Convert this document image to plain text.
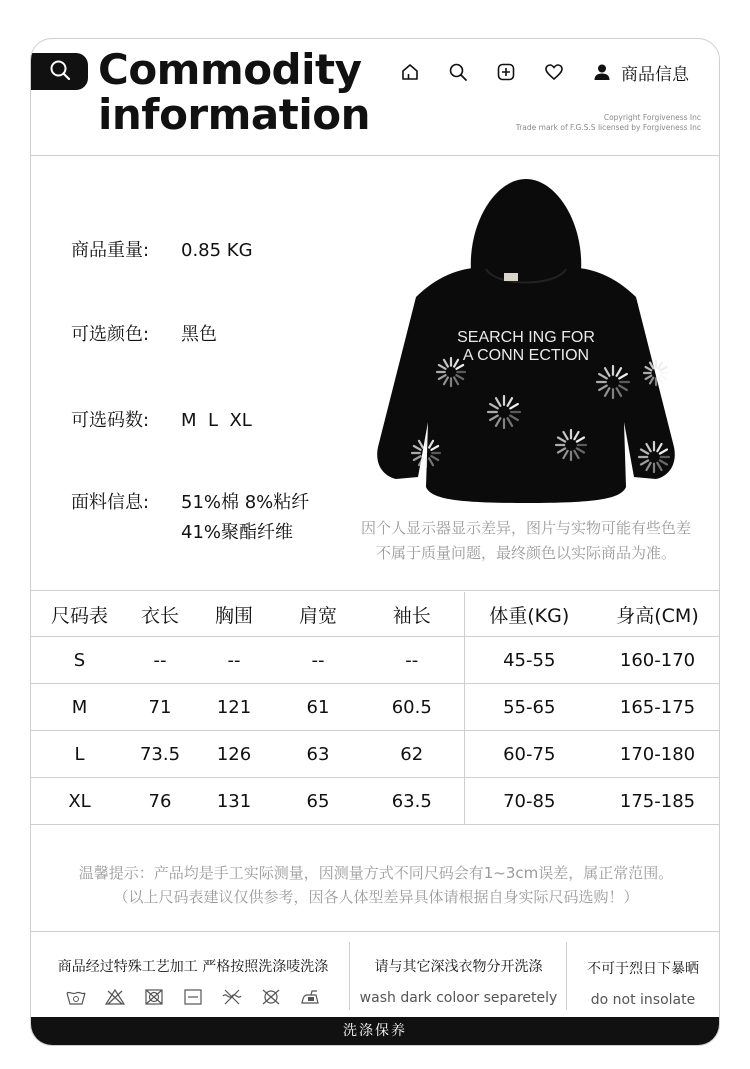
Commodity
information
商品信息
Copyright Forgiveness Inc
Trade mark of F.G.S.S licensed by Forgiveness Inc
商品重量: 0.85 KG
可选颜色: 黑色
可选码数: M  L  XL
面料信息: 51%棉 8%粘纤
41%聚酯纤维
SEARCH ING FOR
A CONN ECTION
因个人显示器显示差异，图片与实物可能有些色差
不属于质量问题，最终颜色以实际商品为准。
尺码表	衣长	胸围	肩宽	袖长	体重(KG)	身高(CM)
S	--	--	--	--	45-55	160-170
M	71	121	61	60.5	55-65	165-175
L	73.5	126	63	62	60-75	170-180
XL	76	131	65	63.5	70-85	175-185
温馨提示：产品均是手工实际测量，因测量方式不同尺码会有1~3cm误差，属正常范围。
（以上尺码表建议仅供参考，因各人体型差异具体请根据自身实际尺码选购！）
商品经过特殊工艺加工 严格按照洗涤唛洗涤	请与其它深浅衣物分开洗涤
wash dark coloor separetely
不可于烈日下暴晒
do not insolate
洗涤保养
